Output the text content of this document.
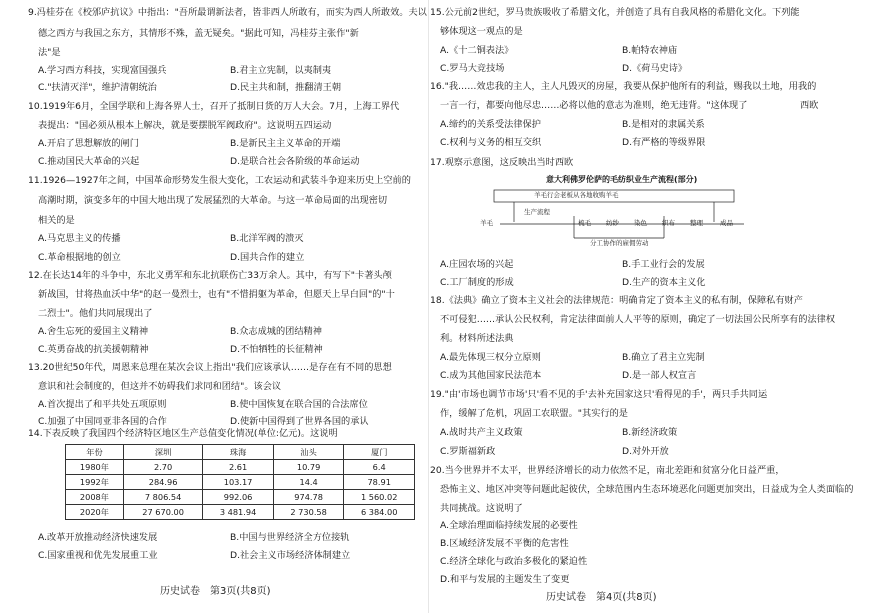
9.冯桂芬在《校邠庐抗议》中指出："吾所最谓新法者，皆非西人所敢有，而实为西人所敢效。夫以
德之西方与我国之东方，其情形不殊，盖无疑矣。"据此可知，冯桂芬主张作"新
法"是
A.学习西方科技，实现富国强兵	B.君主立宪制，以夷制夷
C."扶清灭洋"，维护清朝统治	D.民主共和制，推翻清王朝
10.1919年6月，全国学联和上海各界人士，召开了抵制日货的万人大会。7月，上海工界代
表提出："国必须从根本上解决，就是要摆脱军阀政府"。这说明五四运动
A.开启了思想解放的闸门	B.是新民主主义革命的开端
C.推动国民大革命的兴起	D.是联合社会各阶级的革命运动
11.1926—1927年之间，中国革命形势发生很大变化，工农运动和武装斗争迎来历史上空前的
高潮时期，演变多年的中国大地出现了发展猛烈的大革命。与这一革命局面的出现密切
相关的是
A.马克思主义的传播	B.北洋军阀的溃灭
C.革命根据地的创立	D.国共合作的建立
12.在长达14年的斗争中，东北义勇军和东北抗联伤亡33万余人。其中，有写下"卡著头颅
新战国，甘将热血沃中华"的赵一曼烈士，也有"不惜捐躯为革命，但愿天上早白回"的"十
二烈士"。他们共同展现出了
A.舍生忘死的爱国主义精神	B.众志成城的团结精神
C.英勇奋战的抗美援朝精神	D.不怕牺牲的长征精神
13.20世纪50年代，周恩来总理在某次会议上指出"我们应该承认……是存在有不同的思想
意识和社会制度的，但这并不妨碍我们求同和团结"。该会议
A.首次提出了和平共处五项原则	B.使中国恢复在联合国的合法席位
C.加强了中国同亚非各国的合作	D.使新中国得到了世界各国的承认
14.下表反映了我国四个经济特区地区生产总值变化情况(单位:亿元)。这说明
年份	深圳	珠海	汕头	厦门
1980年	2.70	2.61	10.79	6.4
1992年	284.96	103.17	14.4	78.91
2008年	7 806.54	992.06	974.78	1 560.02
2020年	27 670.00	3 481.94	2 730.58	6 384.00
A.改革开放推动经济快速发展	B.中国与世界经济全方位接轨
C.国家重视和优先发展重工业	D.社会主义市场经济体制建立
历史试卷　第3页(共8页)
15.公元前2世纪，罗马贵族吸收了希腊文化，并创造了具有自我风格的希腊化文化。下列能
够体现这一观点的是
A.《十二铜表法》	B.帕特农神庙
C.罗马大竞技场	D.《荷马史诗》
16."我……效忠我的主人，主人凡毁灭的房屋，我要从保护他所有的利益，赐我以土地，用我的
一言一行，都要向他尽忠……必将以他的意志为准则，绝无违背。"这体现了	西欧
A.缔约的关系受法律保护	B.是相对的隶属关系
C.权利与义务的相互交织	D.有严格的等级界限
17.观察示意图，这反映出当时西欧
意大利佛罗伦萨的毛纺织业生产流程(部分)
羊毛行会老板从各地收购羊毛
羊毛
生产流程
梳毛 纺纱 染色 织布 整理	成品
分工协作的雇佣劳动
A.庄园农场的兴起	B.手工业行会的发展
C.工厂制度的形成	D.生产的资本主义化
18.《法典》确立了资本主义社会的法律规范：明确肯定了资本主义的私有制，保障私有财产
不可侵犯……承认公民权利，肯定法律面前人人平等的原则，确定了一切法国公民所享有的法律权
利。材料所述法典
A.最先体现三权分立原则	B.确立了君主立宪制
C.成为其他国家民法范本	D.是一部人权宣言
19."由'市场也调节市场'只'看不见的手'去补充国家这只'看得见的手'，两只手共同运
作，缓解了危机，巩固工农联盟。"其实行的是
A.战时共产主义政策	B.新经济政策
C.罗斯福新政	D.对外开放
20.当今世界并不太平，世界经济增长的动力依然不足，南北差距和贫富分化日益严重，
恐怖主义、地区冲突等问题此起彼伏，全球范围内生态环境恶化问题更加突出，日益成为全人类面临的
共同挑战。这说明了
A.全球治理面临持续发展的必要性
B.区域经济发展不平衡的危害性
C.经济全球化与政治多极化的紧迫性
D.和平与发展的主题发生了变更
历史试卷　第4页(共8页)
